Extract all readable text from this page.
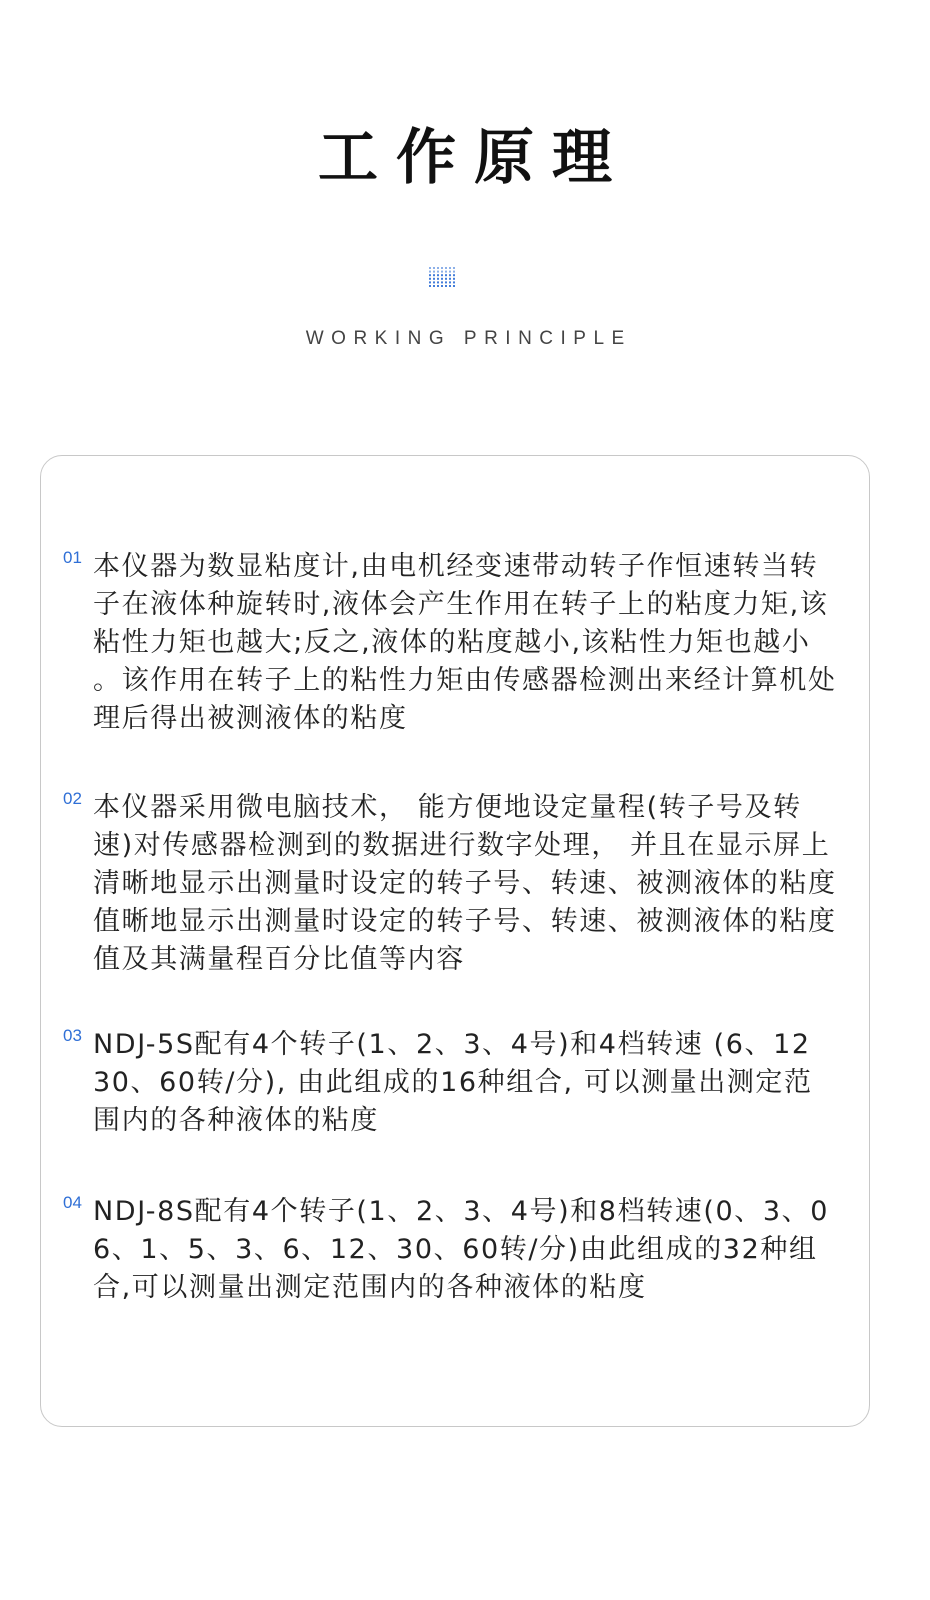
工作原理
WORKING PRINCIPLE
01 本仪器为数显粘度计,由电机经变速带动转子作恒速转当转子在液体种旋转时,液体会产生作用在转子上的粘度力矩,该粘性力矩也越大;反之,液体的粘度越小,该粘性力矩也越小 。该作用在转子上的粘性力矩由传感器检测出来经计算机处理后得出被测液体的粘度

02 本仪器采用微电脑技术， 能方便地设定量程(转子号及转速)对传感器检测到的数据进行数字处理， 并且在显示屏上清晰地显示出测量时设定的转子号、转速、被测液体的粘度值晰地显示出测量时设定的转子号、转速、被测液体的粘度值及其满量程百分比值等内容

03 NDJ-5S配有4个转子(1、2、3、4号)和4档转速 (6、12 30、60转/分), 由此组成的16种组合, 可以测量出测定范围内的各种液体的粘度

04 NDJ-8S配有4个转子(1、2、3、4号)和8档转速(0、3、0 6、1、5、3、6、12、30、60转/分)由此组成的32种组合,可以测量出测定范围内的各种液体的粘度
